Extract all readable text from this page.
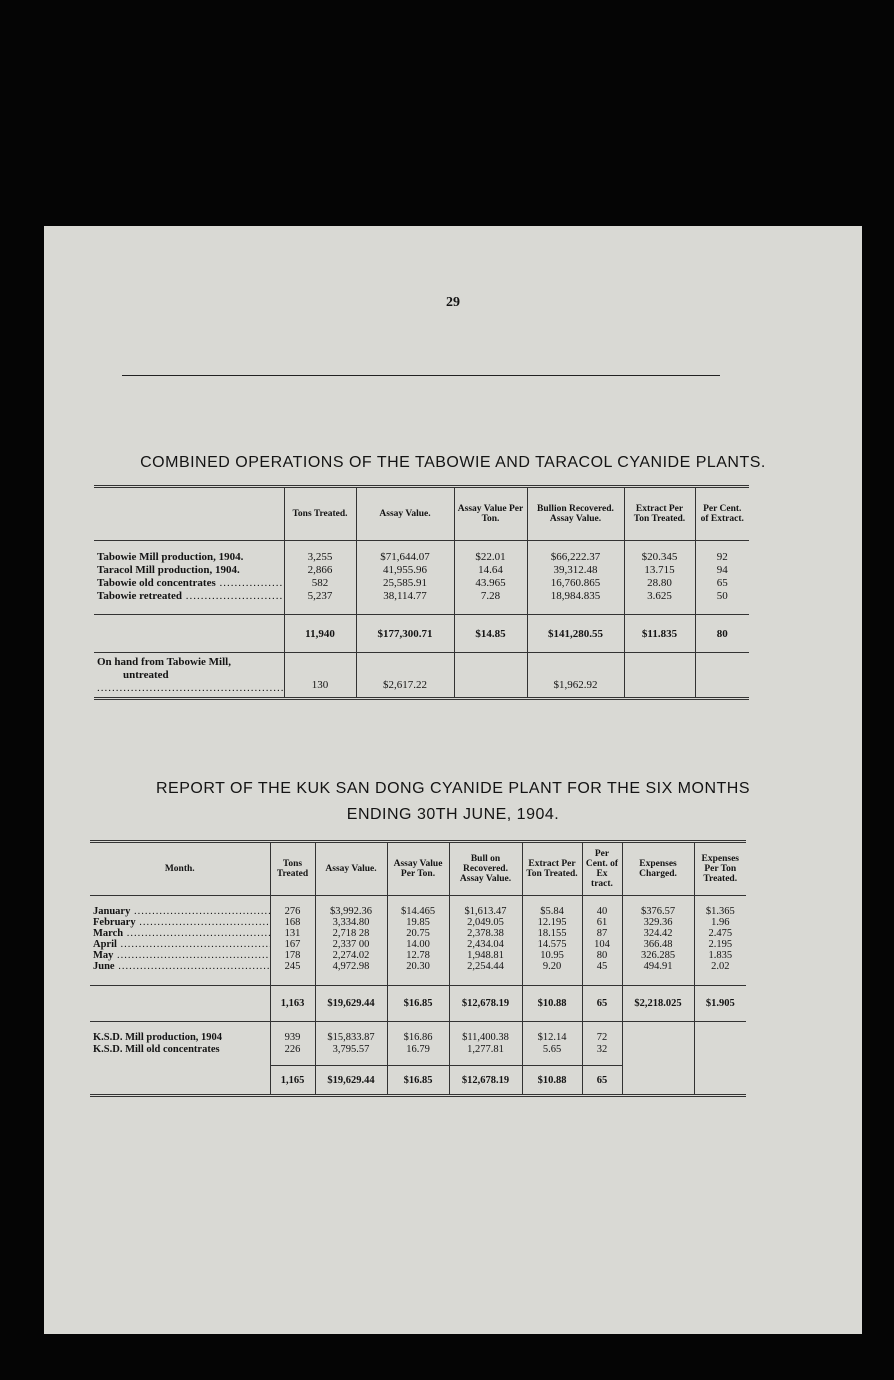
29
COMBINED OPERATIONS OF THE TABOWIE AND TARACOL CYANIDE PLANTS.
	Tons Treated.	Assay Value.	Assay Value Per Ton.	Bullion Recovered. Assay Value.	Extract Per Ton Treated.	Per Cent. of Extract.

Tabowie Mill production, 1904.	3,255	$71,644.07	$22.01	$66,222.37	$20.345	92
Taracol Mill production, 1904.	2,866	41,955.96	14.64	39,312.48	13.715	94
Tabowie old concentrates .....	582	25,585.91	43.965	16,760.865	28.80	65
Tabowie retreated .....	5,237	38,114.77	7.28	18,984.835	3.625	50

	11,940	$177,300.71	$14.85	$141,280.55	$11.835	80
On hand from Tabowie Mill,
untreated .....	130	$2,617.22		$1,962.92		
REPORT OF THE KUK SAN DONG CYANIDE PLANT FOR THE SIX MONTHS
ENDING 30TH JUNE, 1904.
Month.	Tons Treated	Assay Value.	Assay Value Per Ton.	Bull on Recovered. Assay Value.	Extract Per Ton Treated.	Per Cent. of Ex tract.	Expenses Charged.	Expenses Per Ton Treated.

January .....	276	$3,992.36	$14.465	$1,613.47	$5.84	40	$376.57	$1.365
February .....	168	3,334.80	19.85	2,049.05	12.195	61	329.36	1.96
March .....	131	2,718 28	20.75	2,378.38	18.155	87	324.42	2.475
April .....	167	2,337 00	14.00	2,434.04	14.575	104	366.48	2.195
May .....	178	2,274.02	12.78	1,948.81	10.95	80	326.285	1.835
June .....	245	4,972.98	20.30	2,254.44	9.20	45	494.91	2.02

	1,163	$19,629.44	$16.85	$12,678.19	$10.88	65	$2,218.025	$1.905

K.S.D. Mill production, 1904	939	$15,833.87	$16.86	$11,400.38	$12.14	72		
K.S.D. Mill old concentrates	226	3,795.57	16.79	1,277.81	5.65	32		

	1,165	$19,629.44	$16.85	$12,678.19	$10.88	65		
